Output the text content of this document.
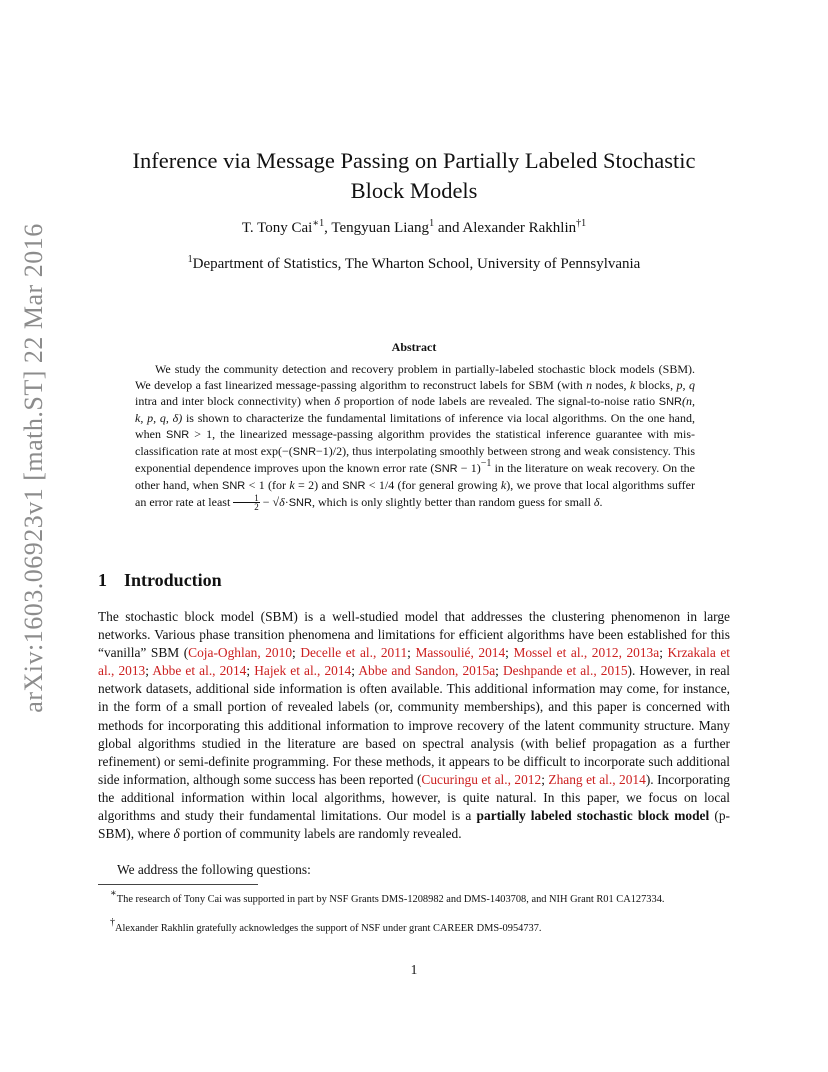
arXiv:1603.06923v1 [math.ST] 22 Mar 2016
Inference via Message Passing on Partially Labeled Stochastic
Block Models
T. Tony Cai$^{∗1}$, Tengyuan Liang$^1$ and Alexander Rakhlin$^{\dagger 1}$
$^1$Department of Statistics, The Wharton School, University of Pennsylvania
Abstract

We study the community detection and recovery problem in partially-labeled stochastic block models (SBM). We develop a fast linearized message-passing algorithm to reconstruct labels for SBM (with n nodes, k blocks, p, q intra and inter block connectivity) when δ proportion of node labels are revealed. The signal-to-noise ratio SNR(n, k, p, q, δ) is shown to characterize the fundamental limitations of inference via local algorithms. On the one hand, when SNR > 1, the linearized message-passing algorithm provides the statistical inference guarantee with mis-classification rate at most exp(−(SNR−1)/2), thus interpolating smoothly between strong and weak consistency. This exponential dependence improves upon the known error rate (SNR − 1)$^{-1}$ in the literature on weak recovery. On the other hand, when SNR < 1 (for k = 2) and SNR < 1/4 (for general growing k), we prove that local algorithms suffer an error rate at least $\frac{1}{2} - √\delta\cdot SNR$, which is only slightly better than random guess for small δ.

1 Introduction

The stochastic block model (SBM) is a well-studied model that addresses the clustering phenomenon in large networks. Various phase transition phenomena and limitations for efficient algorithms have been established for this “vanilla” SBM (Coja-Oghlan, 2010; Decelle et al., 2011; Massoulié, 2014; Mossel et al., 2012, 2013a; Krzakala et al., 2013; Abbe et al., 2014; Hajek et al., 2014; Abbe and Sandon, 2015a; Deshpande et al., 2015). However, in real network datasets, additional side information is often available. This additional information may come, for instance, in the form of a small portion of revealed labels (or, community memberships), and this paper is concerned with methods for incorporating this additional information to improve recovery of the latent community structure. Many global algorithms studied in the literature are based on spectral analysis (with belief propagation as a further refinement) or semi-definite programming. For these methods, it appears to be difficult to incorporate such additional side information, although some success has been reported (Cucuringu et al., 2012; Zhang et al., 2014). Incorporating the additional information within local algorithms, however, is quite natural. In this paper, we focus on local algorithms and study their fundamental limitations. Our model is a partially labeled stochastic block model (p-SBM), where δ portion of community labels are randomly revealed.

We address the following questions:

∗The research of Tony Cai was supported in part by NSF Grants DMS-1208982 and DMS-1403708, and NIH Grant R01 CA127334.

†Alexander Rakhlin gratefully acknowledges the support of NSF under grant CAREER DMS-0954737.

1
